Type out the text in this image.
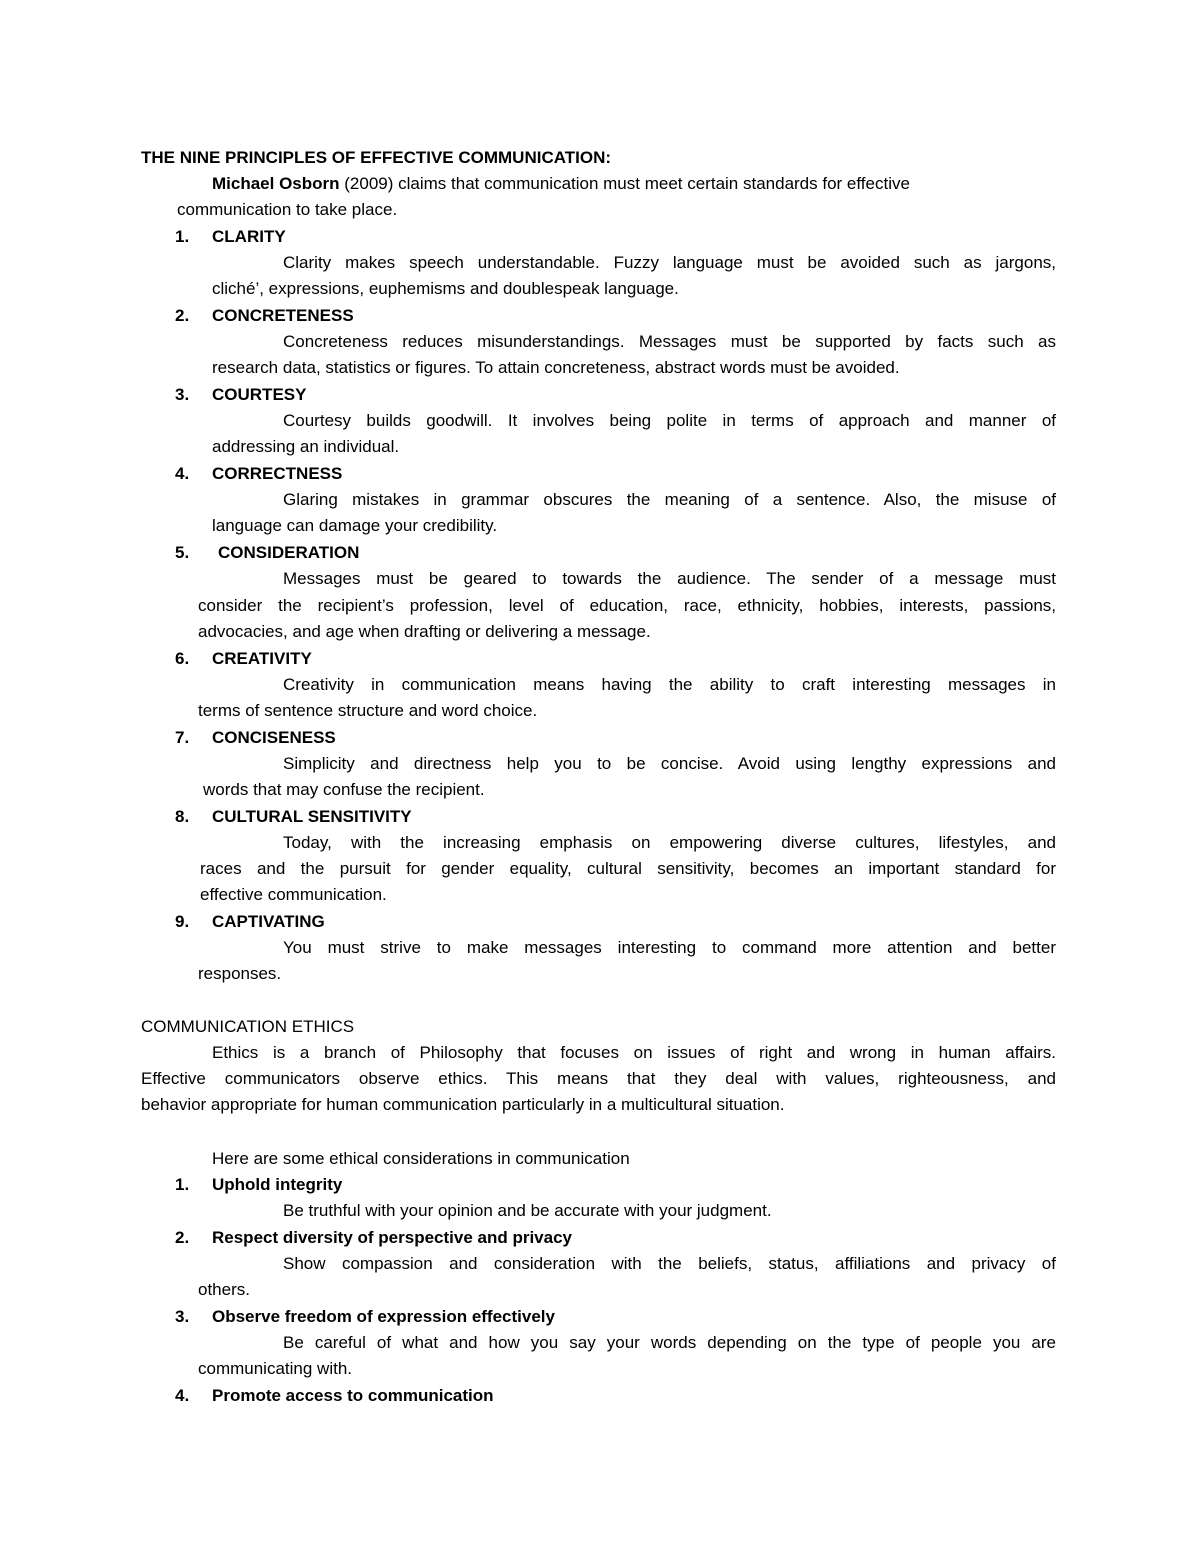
THE NINE PRINCIPLES OF EFFECTIVE COMMUNICATION:
Michael Osborn (2009) claims that communication must meet certain standards for effective
communication to take place.
1. CLARITY
Clarity makes speech understandable. Fuzzy language must be avoided such as jargons,
cliché’, expressions, euphemisms and doublespeak language.
2. CONCRETENESS
Concreteness reduces misunderstandings. Messages must be supported by facts such as
research data, statistics or figures. To attain concreteness, abstract words must be avoided.
3. COURTESY
Courtesy builds goodwill. It involves being polite in terms of approach and manner of
addressing an individual.
4. CORRECTNESS
Glaring mistakes in grammar obscures the meaning of a sentence. Also, the misuse of
language can damage your credibility.
5. CONSIDERATION
Messages must be geared to towards the audience. The sender of a message must
consider the recipient’s profession, level of education, race, ethnicity, hobbies, interests, passions,
advocacies, and age when drafting or delivering a message.
6. CREATIVITY
Creativity in communication means having the ability to craft interesting messages in
terms of sentence structure and word choice.
7. CONCISENESS
Simplicity and directness help you to be concise. Avoid using lengthy expressions and
words that may confuse the recipient.
8. CULTURAL SENSITIVITY
Today, with the increasing emphasis on empowering diverse cultures, lifestyles, and
races and the pursuit for gender equality, cultural sensitivity, becomes an important standard for
effective communication.
9. CAPTIVATING
You must strive to make messages interesting to command more attention and better
responses.
COMMUNICATION ETHICS
Ethics is a branch of Philosophy that focuses on issues of right and wrong in human affairs.
Effective communicators observe ethics. This means that they deal with values, righteousness, and
behavior appropriate for human communication particularly in a multicultural situation.
Here are some ethical considerations in communication
1. Uphold integrity
Be truthful with your opinion and be accurate with your judgment.
2. Respect diversity of perspective and privacy
Show compassion and consideration with the beliefs, status, affiliations and privacy of
others.
3. Observe freedom of expression effectively
Be careful of what and how you say your words depending on the type of people you are
communicating with.
4. Promote access to communication
